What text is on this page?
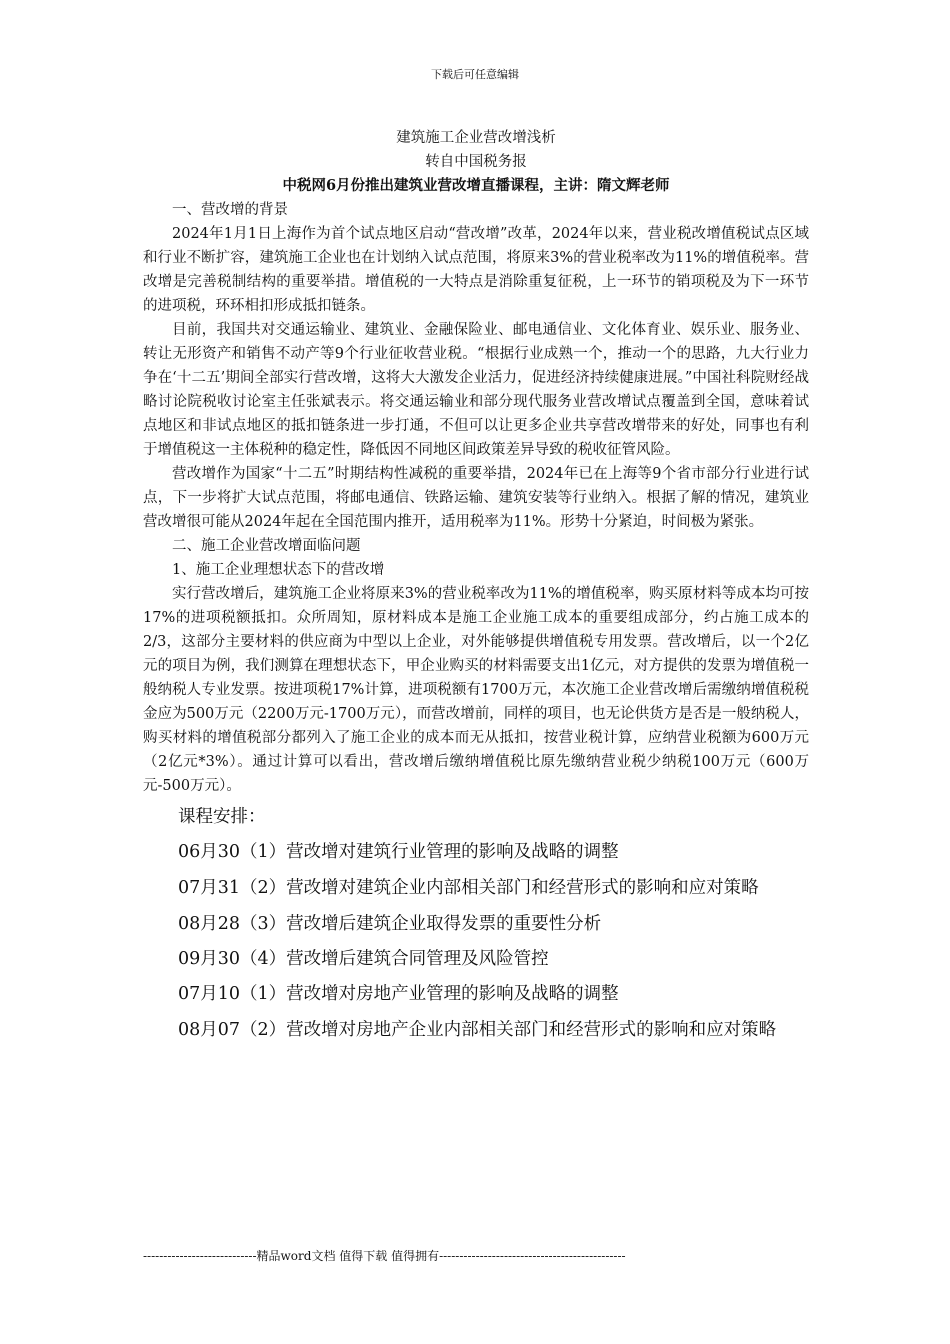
下载后可任意编辑
建筑施工企业营改增浅析
转自中国税务报
中税网6月份推出建筑业营改增直播课程，主讲：隋文辉老师

一、营改增的背景

2024年1月1日上海作为首个试点地区启动“营改增”改革，2024年以来，营业税改增值税试点区域和行业不断扩容，建筑施工企业也在计划纳入试点范围，将原来3%的营业税率改为11%的增值税率。营改增是完善税制结构的重要举措。增值税的一大特点是消除重复征税，上一环节的销项税及为下一环节的进项税，环环相扣形成抵扣链条。

目前，我国共对交通运输业、建筑业、金融保险业、邮电通信业、文化体育业、娱乐业、服务业、转让无形资产和销售不动产等9个行业征收营业税。“根据行业成熟一个，推动一个的思路，九大行业力争在‘十二五’期间全部实行营改增，这将大大激发企业活力，促进经济持续健康进展。”中国社科院财经战略讨论院税收讨论室主任张斌表示。将交通运输业和部分现代服务业营改增试点覆盖到全国，意味着试点地区和非试点地区的抵扣链条进一步打通，不但可以让更多企业共享营改增带来的好处，同事也有利于增值税这一主体税种的稳定性，降低因不同地区间政策差异导致的税收征管风险。

营改增作为国家“十二五”时期结构性减税的重要举措，2024年已在上海等9个省市部分行业进行试点，下一步将扩大试点范围，将邮电通信、铁路运输、建筑安装等行业纳入。根据了解的情况，建筑业营改增很可能从2024年起在全国范围内推开，适用税率为11%。形势十分紧迫，时间极为紧张。

二、施工企业营改增面临问题

1、施工企业理想状态下的营改增

实行营改增后，建筑施工企业将原来3%的营业税率改为11%的增值税率，购买原材料等成本均可按17%的进项税额抵扣。众所周知，原材料成本是施工企业施工成本的重要组成部分，约占施工成本的2/3，这部分主要材料的供应商为中型以上企业，对外能够提供增值税专用发票。营改增后，以一个2亿元的项目为例，我们测算在理想状态下，甲企业购买的材料需要支出1亿元，对方提供的发票为增值税一般纳税人专业发票。按进项税17%计算，进项税额有1700万元，本次施工企业营改增后需缴纳增值税税金应为500万元（2200万元-1700万元），而营改增前，同样的项目，也无论供货方是否是一般纳税人，购买材料的增值税部分都列入了施工企业的成本而无从抵扣，按营业税计算，应纳营业税额为600万元（2亿元*3%）。通过计算可以看出，营改增后缴纳增值税比原先缴纳营业税少纳税100万元（600万元-500万元）。

课程安排：

06月30（1）营改增对建筑行业管理的影响及战略的调整

07月31（2）营改增对建筑企业内部相关部门和经营形式的影响和应对策略

08月28（3）营改增后建筑企业取得发票的重要性分析

09月30（4）营改增后建筑合同管理及风险管控

07月10（1）营改增对房地产业管理的影响及战略的调整

08月07（2）营改增对房地产企业内部相关部门和经营形式的影响和应对策略

----------------------------精品word文档 值得下载 值得拥有----------------------------------------------
